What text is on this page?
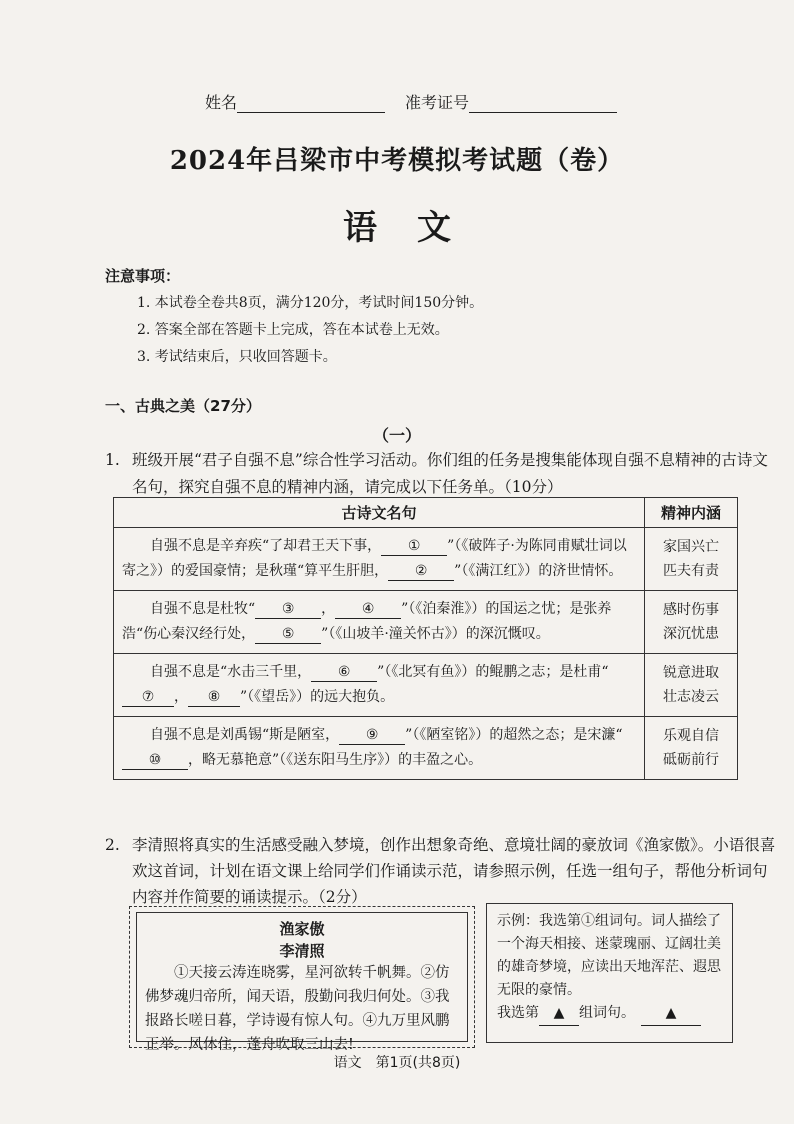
姓名	准考证号
2024年吕梁市中考模拟考试题（卷）
语文
注意事项：
1. 本试卷全卷共8页，满分120分，考试时间150分钟。
2. 答案全部在答题卡上完成，答在本试卷上无效。
3. 考试结束后，只收回答题卡。
一、古典之美（27分）
（一）
1. 班级开展“君子自强不息”综合性学习活动。你们组的任务是搜集能体现自强不息精神的古诗文名句，探究自强不息的精神内涵，请完成以下任务单。（10分）
古诗文名句	精神内涵
自强不息是辛弃疾“了却君王天下事， ① ”（《破阵子·为陈同甫赋壮词以寄之》）的爱国豪情；是秋瑾“算平生肝胆， ② ”（《满江红》）的济世情怀。	家国兴亡
匹夫有责

自强不息是杜牧“ ③ ， ④ ”（《泊秦淮》）的国运之忧；是张养浩“伤心秦汉经行处， ⑤ ”（《山坡羊·潼关怀古》）的深沉慨叹。	感时伤事
深沉忧患

自强不息是“水击三千里， ⑥ ”（《北冥有鱼》）的鲲鹏之志；是杜甫“⑦ ， ⑧ ”（《望岳》）的远大抱负。	锐意进取
壮志凌云

自强不息是刘禹锡“斯是陋室， ⑨ ”（《陋室铭》）的超然之态；是宋濂“⑩ ，略无慕艳意”（《送东阳马生序》）的丰盈之心。	乐观自信
砥砺前行
2. 李清照将真实的生活感受融入梦境，创作出想象奇绝、意境壮阔的豪放词《渔家傲》。小语很喜欢这首词，计划在语文课上给同学们作诵读示范，请参照示例，任选一组句子，帮他分析词句内容并作简要的诵读提示。（2分）
渔家傲
李清照
①天接云涛连晓雾，星河欲转千帆舞。②仿佛梦魂归帝所，闻天语，殷勤问我归何处。③我报路长嗟日暮，学诗谩有惊人句。④九万里风鹏正举。风休住，蓬舟吹取三山去!
示例：我选第①组词句。词人描绘了一个海天相接、迷蒙瑰丽、辽阔壮美的雄奇梦境，应读出天地浑茫、遐思无限的豪情。
我选第 ▲ 组词句。 ▲
语文　第1页(共8页)
